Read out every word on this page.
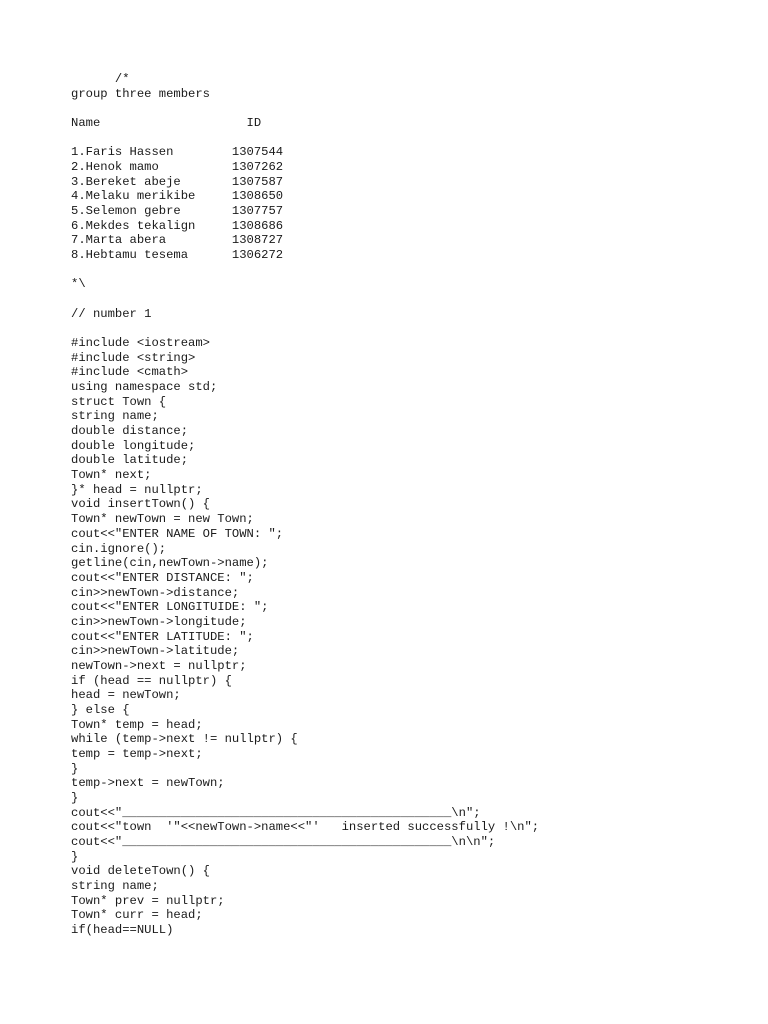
/*
group three members
Name                    ID
1.Faris Hassen        1307544
2.Henok mamo          1307262
3.Bereket abeje       1307587
4.Melaku merikibe     1308650
5.Selemon gebre       1307757
6.Mekdes tekalign     1308686
7.Marta abera         1308727
8.Hebtamu tesema      1306272
*\
// number 1
#include <iostream>
#include <string>
#include <cmath>
using namespace std;
struct Town {
string name;
double distance;
double longitude;
double latitude;
Town* next;
}* head = nullptr;
void insertTown() {
Town* newTown = new Town;
cout<<"ENTER NAME OF TOWN: ";
cin.ignore();
getline(cin,newTown->name);
cout<<"ENTER DISTANCE: ";
cin>>newTown->distance;
cout<<"ENTER LONGITUIDE: ";
cin>>newTown->longitude;
cout<<"ENTER LATITUDE: ";
cin>>newTown->latitude;
newTown->next = nullptr;
if (head == nullptr) {
head = newTown;
} else {
Town* temp = head;
while (temp->next != nullptr) {
temp = temp->next;
}
temp->next = newTown;
}
cout<<"_____________________________________________\n";
cout<<"town  '"<<newTown->name<<"'   inserted successfully !\n";
cout<<"_____________________________________________\n\n";
}
void deleteTown() {
string name;
Town* prev = nullptr;
Town* curr = head;
if(head==NULL)
